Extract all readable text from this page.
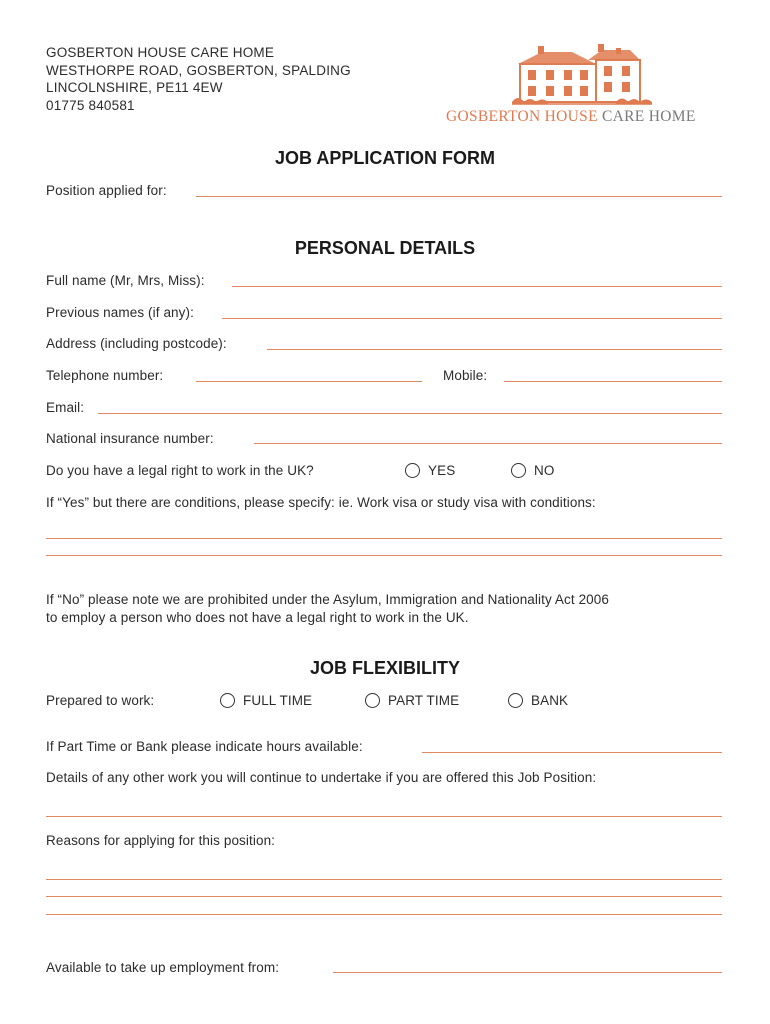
GOSBERTON HOUSE CARE HOME
WESTHORPE ROAD, GOSBERTON, SPALDING
LINCOLNSHIRE, PE11 4EW
01775 840581
GOSBERTON HOUSE CARE HOME
JOB APPLICATION FORM
Position applied for:
PERSONAL DETAILS
Full name (Mr, Mrs, Miss):
Previous names (if any):
Address (including postcode):
Telephone number:	Mobile:
Email:
National insurance number:
Do you have a legal right to work in the UK?	YES	NO
If “Yes” but there are conditions, please specify: ie. Work visa or study visa with conditions:
If “No” please note we are prohibited under the Asylum, Immigration and Nationality Act 2006
to employ a person who does not have a legal right to work in the UK.
JOB FLEXIBILITY
Prepared to work:	FULL TIME	PART TIME	BANK
If Part Time or Bank please indicate hours available:
Details of any other work you will continue to undertake if you are offered this Job Position:
Reasons for applying for this position:
Available to take up employment from:
